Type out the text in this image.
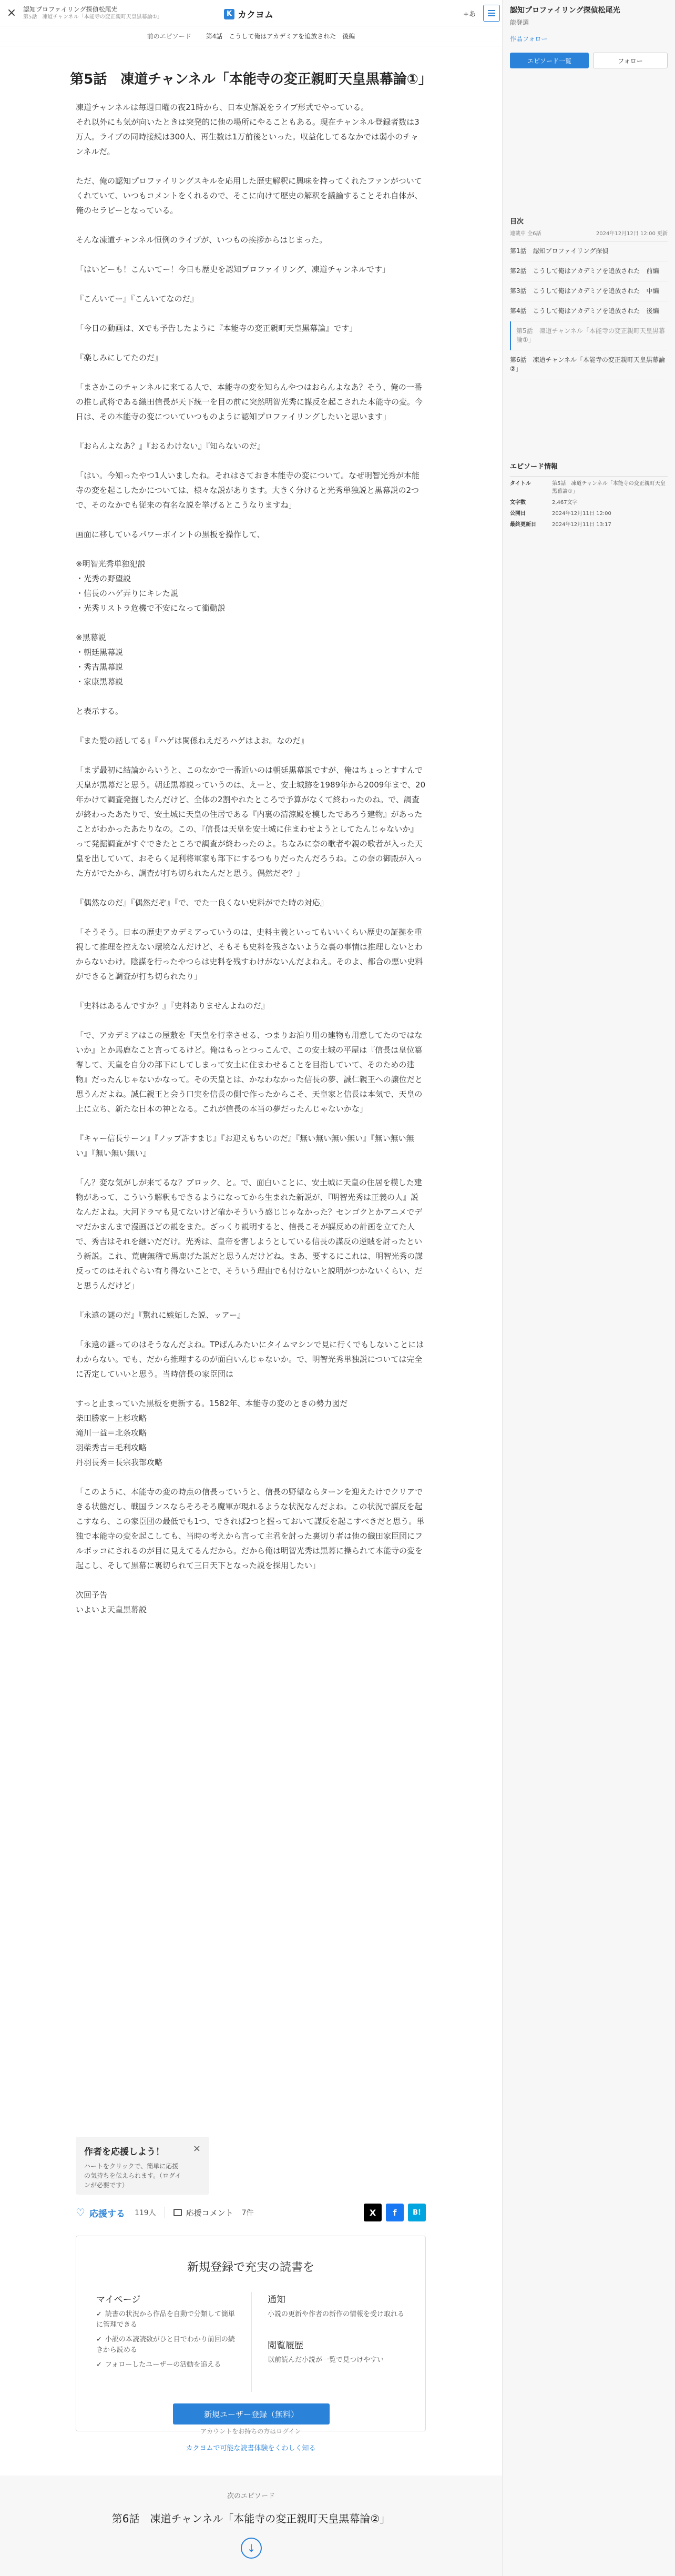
×	認知プロファイリング探偵松尾光
第5話　凍道チャンネル「本能寺の変正親町天皇黒幕論①」	K カクヨム	+あ
前のエピソード 第4話　こうして俺はアカデミアを追放された　後編
第5話　凍道チャンネル「本能寺の変正親町天皇黒幕論①」

凍道チャンネルは毎週日曜の夜21時から、日本史解説をライブ形式でやっている。

それ以外にも気が向いたときは突発的に他の場所にやることもある。現在チャンネル登録者数は3万人。ライブの同時接続は300人、再生数は1万前後といった。収益化してるなかでは弱小のチャンネルだ。

ただ、俺の認知プロファイリングスキルを応用した歴史解釈に興味を持ってくれたファンがついてくれていて、いつもコメントをくれるので、そこに向けて歴史の解釈を議論することそれ自体が、俺のセラピーとなっている。

そんな凍道チャンネル恒例のライブが、いつもの挨拶からはじまった。

「はいどーも！こんいてー！今日も歴史を認知プロファイリング、凍道チャンネルです」

『こんいてー』『こんいてなのだ』

「今日の動画は、Xでも予告したように『本能寺の変正親町天皇黒幕論』です」

『楽しみにしてたのだ』

「まさかこのチャンネルに来てる人で、本能寺の変を知らんやつはおらんよなあ？そう、俺の一番の推し武将である織田信長が天下統一を目の前に突然明智光秀に謀反を起こされた本能寺の変。今日は、その本能寺の変についていつものように認知プロファイリングしたいと思います」

『おらんよなあ？』『おるわけない』『知らないのだ』

「はい。今知ったやつ1人いましたね。それはさておき本能寺の変について。なぜ明智光秀が本能寺の変を起こしたかについては、様々な説があります。大きく分けると光秀単独説と黒幕説の2つで、そのなかでも従来の有名な説を挙げるとこうなりますね」

画面に移しているパワーポイントの黒板を操作して、

※明智光秀単独犯説

・光秀の野望説

・信長のハゲ弄りにキレた説

・光秀リストラ危機で不安になって衝動説

※黒幕説

・朝廷黒幕説

・秀吉黒幕説

・家康黒幕説

と表示する。

『また髪の話してる』『ハゲは関係ねえだろハゲはよお。なのだ』

「まず最初に結論からいうと、このなかで一番近いのは朝廷黒幕説ですが、俺はちょっとすすんで天皇が黒幕だと思う。朝廷黒幕説っていうのは、えーと、安土城跡を1989年から2009年まで、20年かけて調査発掘したんだけど、全体の2割やれたところで予算がなくて終わったのね。で、調査が終わったあたりで、安土城に天皇の住居である『内裏の清涼殿を模したであろう建物』があったことがわかったあたりなの。この、『信長は天皇を安土城に住まわせようとしてたんじゃないか』って発掘調査がすぐできたところで調査が終わったのよ。ちなみに奈の歌者や親の歌者が入った天皇を出していて、おそらく足利将軍家も部下にするつもりだったんだろうね。この奈の御殿が入った方がでたから、調査が打ち切られたんだと思う。偶然だぞ？」

『偶然なのだ』『偶然だぞ』『で、でた一良くない史料がでた時の対応』

「そうそう。日本の歴史アカデミアっていうのは、史料主義といってもいいくらい歴史の証拠を重視して推理を控えない環境なんだけど、そもそも史料を残さないような裏の事情は推理しないとわからないわけ。陰謀を行ったやつらは史料を残すわけがないんだよねえ。そのよ、都合の悪い史料ができると調査が打ち切られたり」

『史料はあるんですか？』『史料ありませんよねのだ』

「で、アカデミアはこの屋敷を『天皇を行幸させる、つまりお泊り用の建物も用意してたのではないか』とか馬鹿なこと言ってるけど。俺はもっとつっこんで、この安土城の平屋は『信長は皇位簒奪して、天皇を自分の部下にしてしまって安土に住まわせることを目指していて、そのための建物』だったんじゃないかなって。その天皇とは、かなわなかった信長の夢、誠仁親王への譲位だと思うんだよね。誠仁親王と会う口実を信長の側で作ったからこそ、天皇家と信長は本気で、天皇の上に立ち、新たな日本の神となる。これが信長の本当の夢だったんじゃないかな」

『キャー信長サーン』『ノッブ許すまじ』『お迎えもちいのだ』『無い無い無い無い』『無い無い無い』『無い無い無い』

「ん？変な気がしが来てるな？ブロック、と。で、面白いことに、安土城に天皇の住居を模した建物があって、こういう解釈もできるようになってから生まれた新説が、『明智光秀は正義の人』説なんだよね。大河ドラマも見てないけど確かそういう感じじゃなかった？センゴクとかアニメでデマだかまんまで漫画ほどの説をまた。ざっくり説明すると、信長こそが謀反めの計画を立てた人で、秀吉はそれを継いだだけ。光秀は、皇帝を害しようとしている信長の謀反の逆賊を討ったという新説。これ、荒唐無稽で馬鹿げた説だと思うんだけどね。まあ、要するにこれは、明智光秀の謀反ってのはそれぐらい有り得ないことで、そういう理由でも付けないと説明がつかないくらい、だと思うんだけど」

『永遠の謎のだ』『驚れに嫉妬した説、ッアー』

「永遠の謎ってのはそうなんだよね。TPばんみたいにタイムマシンで見に行くでもしないことにはわからない。でも、だから推理するのが面白いんじゃないか。で、明智光秀単独説については完全に否定していいと思う。当時信長の家臣団は

すっと止まっていた黒板を更新する。1582年、本能寺の変のときの勢力図だ

柴田勝家＝上杉攻略

滝川一益＝北条攻略

羽柴秀吉＝毛利攻略

丹羽長秀＝長宗我部攻略

「このように、本能寺の変の時点の信長っていうと、信長の野望ならターンを迎えたけでクリアできる状態だし、戦国ランスならそろそろ魔軍が現れるような状況なんだよね。この状況で謀反を起こすなら、この家臣団の最低でも1つ、できれば2つと握っておいて謀反を起こすべきだと思う。単独で本能寺の変を起こしても、当時の考えから言って主君を討った裏切り者は他の織田家臣団にフルボッコにされるのが目に見えてるんだから。だから俺は明智光秀は黒幕に操られて本能寺の変を起こし、そして黒幕に裏切られて三日天下となった説を採用したい」

次回予告

いよいよ天皇黒幕説

作者を応援しよう！
ハートをクリックで、簡単に応援の気持ちを伝えられます。（ログインが必要です）
×
♡ 応援する 119人	応援コメント 7件	X	f	B!
新規登録で充実の読書を
マイページ
✓ 読書の状況から作品を自動で分類して簡単に管理できる
✓ 小説の本読読数がひと目でわかり前回の続きから読める
✓ フォローしたユーザーの活動を追える
通知
小説の更新や作者の新作の情報を受け取れる
閲覧履歴
以前読んだ小説が一覧で見つけやすい
新規ユーザー登録（無料）
アカウントをお持ちの方はログイン
カクヨムで可能な読書体験をくわしく知る
次のエピソード
第6話　凍道チャンネル「本能寺の変正親町天皇黒幕論②」
↓
認知プロファイリング探偵松尾光
能登選
作品フォロー
エピソード一覧	フォロー
目次
連載中 全6話	2024年12月12日 12:00 更新
第1話　認知プロファイリング探偵
第2話　こうして俺はアカデミアを追放された　前編
第3話　こうして俺はアカデミアを追放された　中編
第4話　こうして俺はアカデミアを追放された　後編
第5話　凍道チャンネル「本能寺の変正親町天皇黒幕論①」
第6話　凍道チャンネル「本能寺の変正親町天皇黒幕論②」
エピソード情報
タイトル	第5話　凍道チャンネル「本能寺の変正親町天皇黒幕論①」
文字数	2,467文字
公開日	2024年12月11日 12:00
最終更新日	2024年12月11日 13:17
